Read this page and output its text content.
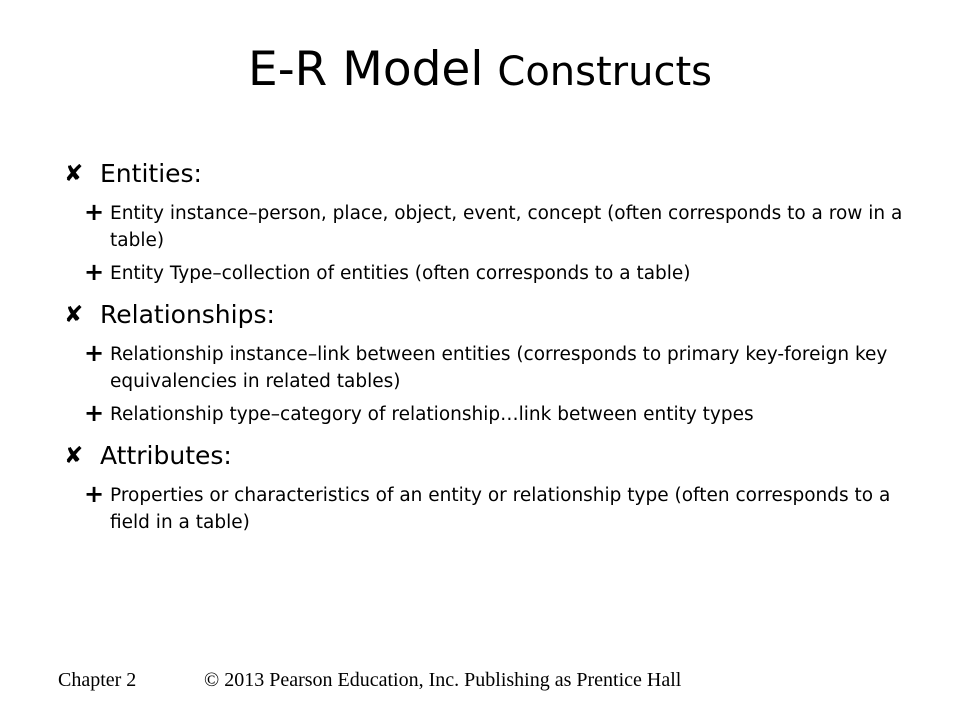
E-R Model Constructs
✘ Entities:
+ Entity instance–person, place, object, event, concept (often corresponds to a row in a table)
+ Entity Type–collection of entities (often corresponds to a table)
✘ Relationships:
+ Relationship instance–link between entities (corresponds to primary key-foreign key equivalencies in related tables)
+ Relationship type–category of relationship…link between entity types
✘ Attributes:
+ Properties or characteristics of an entity or relationship type (often corresponds to a field in a table)
Chapter 2	© 2013 Pearson Education, Inc. Publishing as Prentice Hall
